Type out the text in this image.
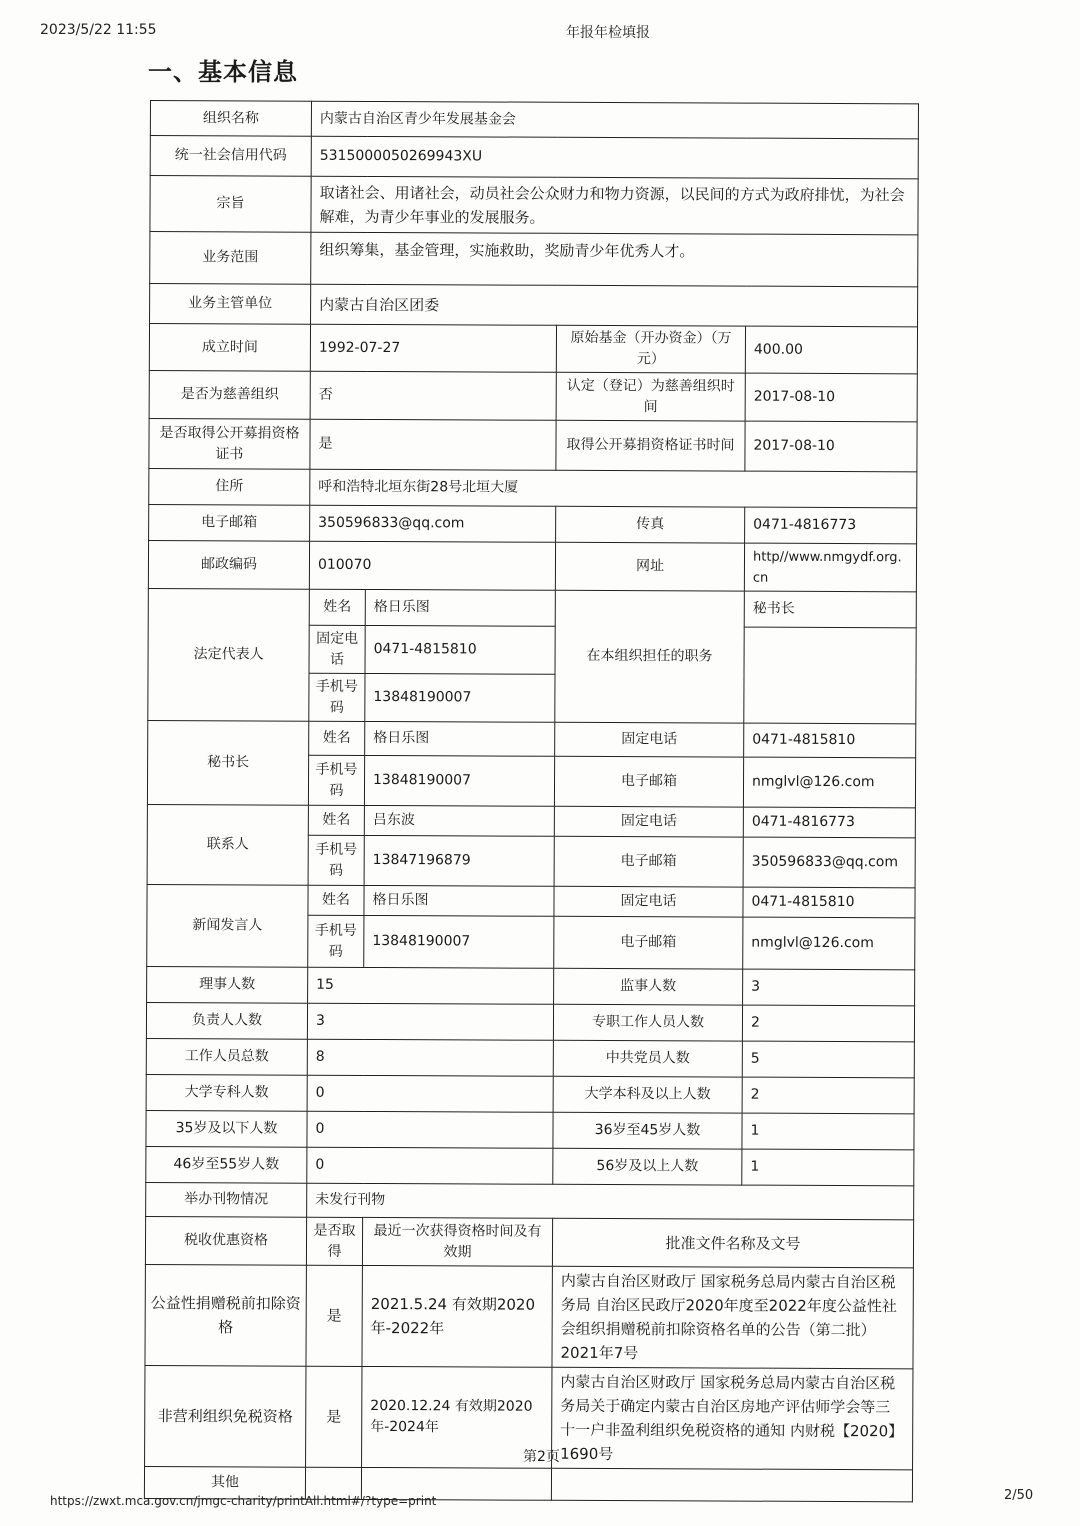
2023/5/22 11:55	年报年检填报
一、基本信息
组织名称	内蒙古自治区青少年发展基金会			
统一社会信用代码	5315000050269943XU			
宗旨	取诸社会、用诸社会，动员社会公众财力和物力资源，以民间的方式为政府排忧，为社会解难，为青少年事业的发展服务。			
业务范围	组织筹集，基金管理，实施救助，奖励青少年优秀人才。			
业务主管单位	内蒙古自治区团委			
成立时间	1992-07-27		原始基金（开办资金）（万元）	400.00
是否为慈善组织	否		认定（登记）为慈善组织时间	2017-08-10
是否取得公开募捐资格证书	是		取得公开募捐资格证书时间	2017-08-10
住所	呼和浩特北垣东街28号北垣大厦			
电子邮箱	350596833@qq.com		传真	0471-4816773
邮政编码	010070		网址	http//www.nmgydf.org.cn
法定代表人	姓名	格日乐图	在本组织担任的职务	秘书长
	固定电话	0471-4815810		
	手机号码	13848190007		
秘书长	姓名	格日乐图	固定电话	0471-4815810
	手机号码	13848190007	电子邮箱	nmglvl@126.com
联系人	姓名	吕东波	固定电话	0471-4816773
	手机号码	13847196879	电子邮箱	350596833@qq.com
新闻发言人	姓名	格日乐图	固定电话	0471-4815810
	手机号码	13848190007	电子邮箱	nmglvl@126.com
理事人数	15		监事人数	3
负责人人数	3		专职工作人员人数	2
工作人员总数	8		中共党员人数	5
大学专科人数	0		大学本科及以上人数	2
35岁及以下人数	0		36岁至45岁人数	1
46岁至55岁人数	0		56岁及以上人数	1
举办刊物情况	未发行刊物			
税收优惠资格	是否取得	最近一次获得资格时间及有效期	批准文件名称及文号	
公益性捐赠税前扣除资格	是	2021.5.24 有效期2020年-2022年	内蒙古自治区财政厅 国家税务总局内蒙古自治区税务局 自治区民政厅2020年度至2022年度公益性社会组织捐赠税前扣除资格名单的公告（第二批）2021年7号	
非营利组织免税资格	是	2020.12.24 有效期2020年-2024年	内蒙古自治区财政厅 国家税务总局内蒙古自治区税务局关于确定内蒙古自治区房地产评估师学会等三十一户非盈利组织免税资格的通知 内财税【2020】1690号	
其他				
第2页
https://zwxt.mca.gov.cn/jmgc-charity/printAll.html#/?type=print	2/50
